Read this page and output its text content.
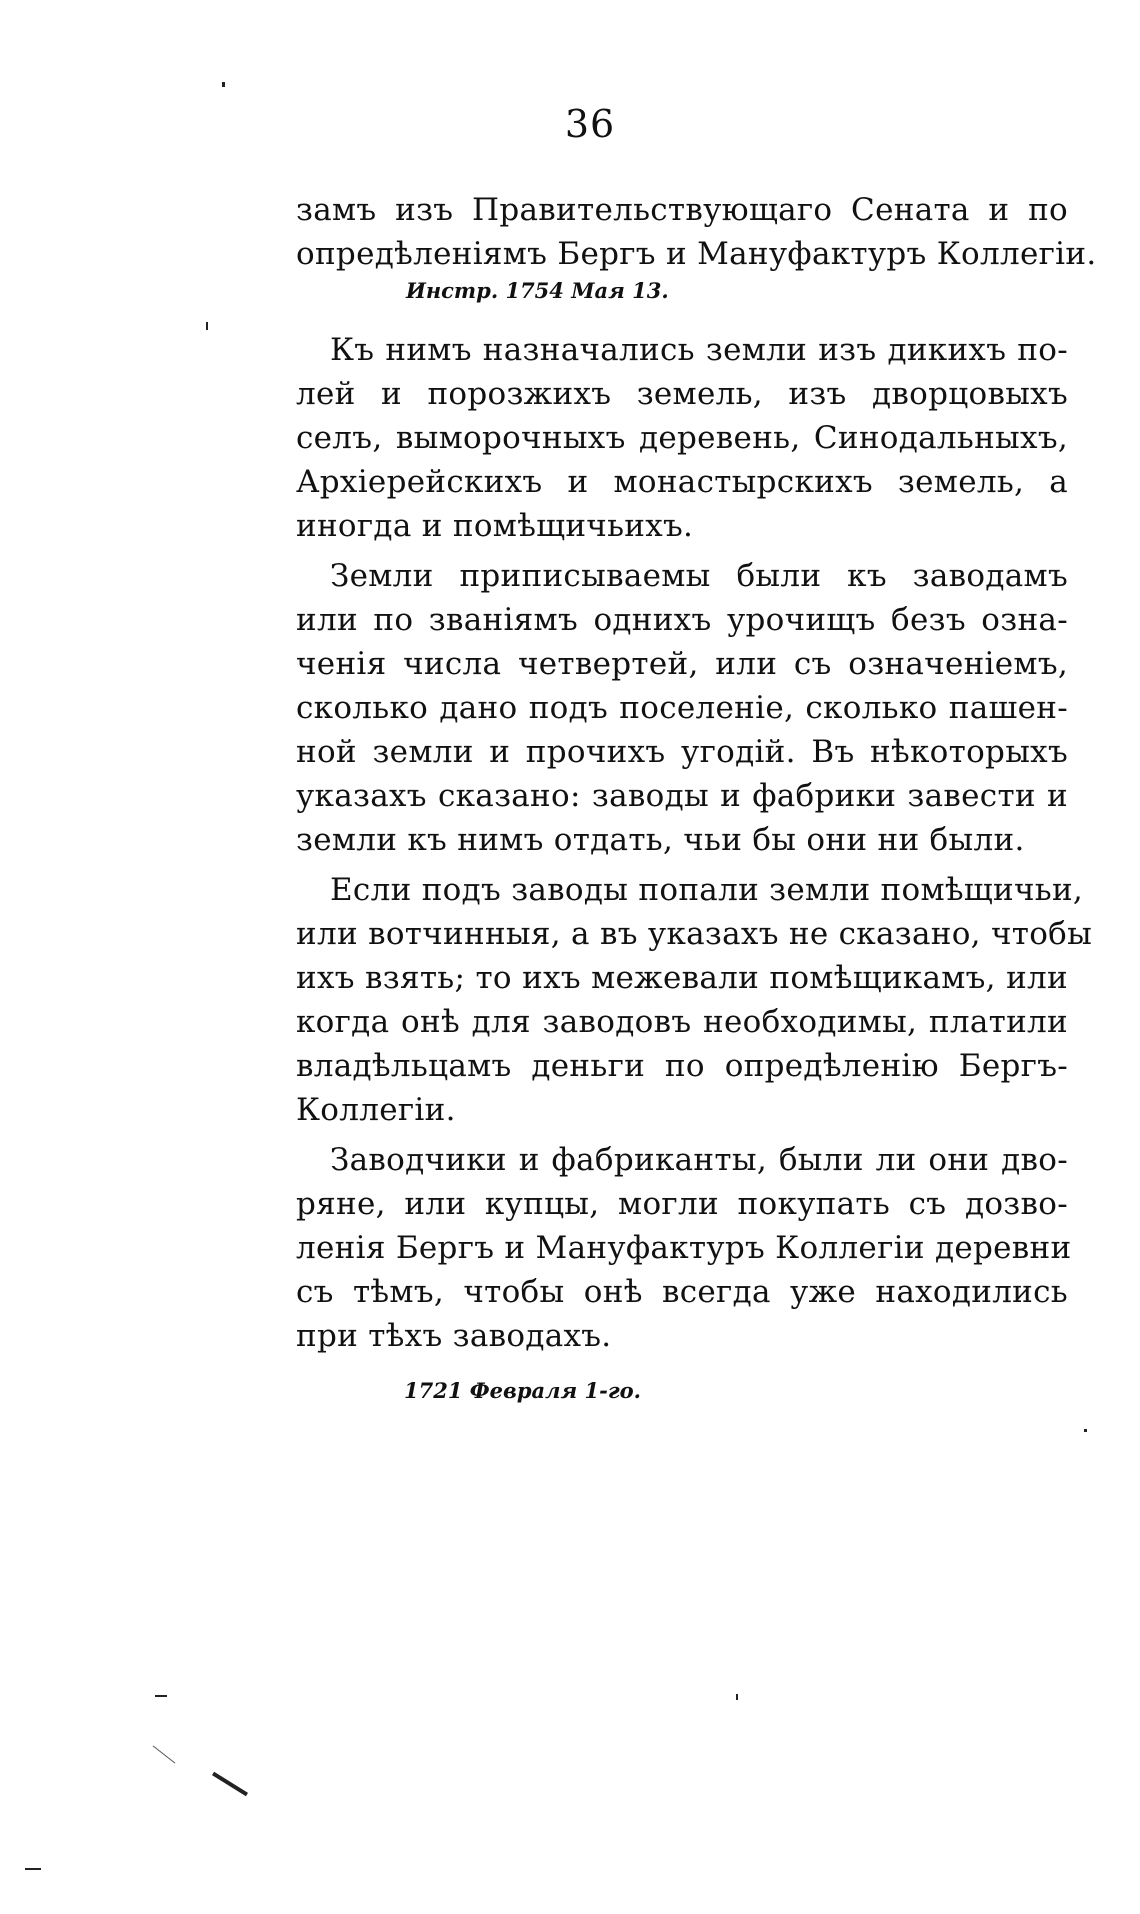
36
замъ изъ Правительствующаго Сената и по
опредѣленіямъ Бергъ и Мануфактуръ Коллегіи.
Инстр. 1754 Мая 13.
Къ нимъ назначались земли изъ дикихъ по-
лей и порозжихъ земель, изъ дворцовыхъ
селъ, выморочныхъ деревень, Синодальныхъ,
Архіерейскихъ и монастырскихъ земель, а
иногда и помѣщичьихъ.
Земли приписываемы были къ заводамъ
или по званіямъ однихъ урочищъ безъ озна-
ченія числа четвертей, или съ означеніемъ,
сколько дано подъ поселеніе, сколько пашен-
ной земли и прочихъ угодій. Въ нѣкоторыхъ
указахъ сказано: заводы и фабрики завести и
земли къ нимъ отдать, чьи бы они ни были.
Если подъ заводы попали земли помѣщичьи,
или вотчинныя, а въ указахъ не сказано, чтобы
ихъ взять; то ихъ межевали помѣщикамъ, или
когда онѣ для заводовъ необходимы, платили
владѣльцамъ деньги по опредѣленію Бергъ-
Коллегіи.
Заводчики и фабриканты, были ли они дво-
ряне, или купцы, могли покупать съ дозво-
ленія Бергъ и Мануфактуръ Коллегіи деревни
съ тѣмъ, чтобы онѣ всегда уже находились
при тѣхъ заводахъ.
1721 Февраля 1-го.
